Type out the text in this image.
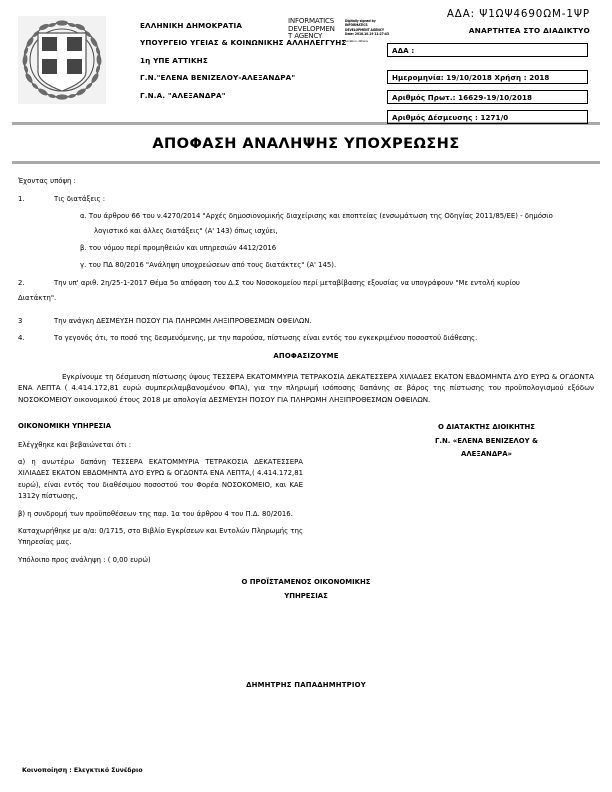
ΕΛΛΗΝΙΚΗ ΔΗΜΟΚΡΑΤΙΑ
ΥΠΟΥΡΓΕΙΟ ΥΓΕΙΑΣ & ΚΟΙΝΩΝΙΚΗΣ ΑΛΛΗΛΕΓΓΥΗΣ
1η ΥΠΕ ΑΤΤΙΚΗΣ
Γ.Ν."ΕΛΕΝΑ ΒΕΝΙΖΕΛΟΥ-ΑΛΕΞΑΝΔΡΑ"
Γ.Ν.Α. "ΑΛΕΞΑΝΔΡΑ"
INFORMATICS
DEVELOPMEN
T AGENCY
Digitally signed by
INFORMATICS
DEVELOPMENT AGENCY
Date: 2018.10.19 11:27:43
Location: Athens
ΑΔΑ: Ψ1ΩΨ4690ΩΜ-1ΨΡ
ΑΝΑΡΤΗΤΕΑ ΣΤΟ ΔΙΑΔΙΚΤΥΟ
ΑΔΑ :
Ημερομηνία: 19/10/2018 Χρήση : 2018
Αριθμός Πρωτ.: 16629-19/10/2018
Αριθμός Δέσμευσης : 1271/0
ΑΠΟΦΑΣΗ ΑΝΑΛΗΨΗΣ ΥΠΟΧΡΕΩΣΗΣ
Έχοντας υπόψη :
1.	Τις διατάξεις :
α. Του άρθρου 66 του ν.4270/2014 "Αρχές δημοσιονομικής διαχείρισης και εποπτείας (ενσωμάτωση της Οδηγίας 2011/85/ΕΕ) - δημόσιο
λογιστικό και άλλες διατάξεις" (Α' 143) όπως ισχύει,
β. του νόμου περί προμηθειών και υπηρεσιών 4412/2016
γ. του ΠΔ 80/2016 "Ανάληψη υποχρεώσεων από τους διατάκτες" (Α' 145).
2.	Την υπ' αριθ. 2η/25-1-2017 Θέμα 5ο απόφαση του Δ.Σ του Νοσοκομείου περί μεταβίβασης εξουσίας να υπογράφουν "Με εντολή κυρίου
Διατάκτη".
3	Την ανάγκη ΔΕΣΜΕΥΣΗ ΠΟΣΟΥ ΓΙΑ ΠΛΗΡΩΜΗ ΛΗΞΙΠΡΟΘΕΣΜΩΝ ΟΦΕΙΛΩΝ.
4.	Το γεγονός ότι, το ποσό της δεσμευόμενης, με την παρούσα, πίστωσης είναι εντός του εγκεκριμένου ποσοστού διάθεσης.
ΑΠΟΦΑΣΙΖΟΥΜΕ
Εγκρίνουμε τη δέσμευση πίστωσης ύψους ΤΕΣΣΕΡΑ ΕΚΑΤΟΜΜΥΡΙΑ ΤΕΤΡΑΚΟΣΙΑ ΔΕΚΑΤΕΣΣΕΡΑ ΧΙΛΙΑΔΕΣ ΕΚΑΤΟΝ ΕΒΔΟΜΗΝΤΑ ΔΥΟ ΕΥΡΩ & ΟΓΔΟΝΤΑ ΕΝΑ ΛΕΠΤΑ ( 4.414.172,81 ευρώ συμπεριλαμβανομένου ΦΠΑ), για την πληρωμή ισόποσης δαπάνης σε βάρος της πίστωσης του προϋπολογισμού εξόδων ΝΟΣΟΚΟΜΕΙΟΥ οικονομικού έτους 2018 με απολογία ΔΕΣΜΕΥΣΗ ΠΟΣΟΥ ΓΙΑ ΠΛΗΡΩΜΗ ΛΗΞΙΠΡΟΘΕΣΜΩΝ ΟΦΕΙΛΩΝ.
ΟΙΚΟΝΟΜΙΚΗ ΥΠΗΡΕΣΙΑ

Ελέγχθηκε και βεβαιώνεται ότι :

α) η ανωτέρω δαπάνη ΤΕΣΣΕΡΑ ΕΚΑΤΟΜΜΥΡΙΑ ΤΕΤΡΑΚΟΣΙΑ ΔΕΚΑΤΕΣΣΕΡΑ ΧΙΛΙΑΔΕΣ ΕΚΑΤΟΝ ΕΒΔΟΜΗΝΤΑ ΔΥΟ ΕΥΡΩ & ΟΓΔΟΝΤΑ ΕΝΑ ΛΕΠΤΑ,( 4.414.172,81 ευρώ), είναι εντός του διαθέσιμου ποσοστού του Φορέα ΝΟΣΟΚΟΜΕΙΟ, και ΚΑΕ 1312γ πίστωσης,

β) η συνδρομή των προϋποθέσεων της παρ. 1α του άρθρου 4 του Π.Δ. 80/2016.

Καταχωρήθηκε με α/α: 0/1715, στο Βιβλίο Εγκρίσεων και Εντολών Πληρωμής της Υπηρεσίας μας.

Υπόλοιπο προς ανάληψη : ( 0,00 ευρώ)

Ο ΔΙΑΤΑΚΤΗΣ ΔΙΟΙΚΗΤΗΣ
Γ.Ν. «ΕΛΕΝΑ ΒΕΝΙΖΕΛΟΥ &
ΑΛΕΞΑΝΔΡΑ»
Ο ΠΡΟΪΣΤΑΜΕΝΟΣ ΟΙΚΟΝΟΜΙΚΗΣ
ΥΠΗΡΕΣΙΑΣ
ΔΗΜΗΤΡΗΣ ΠΑΠΑΔΗΜΗΤΡΙΟΥ
Κοινοποίηση : Ελεγκτικό Συνέδριο
